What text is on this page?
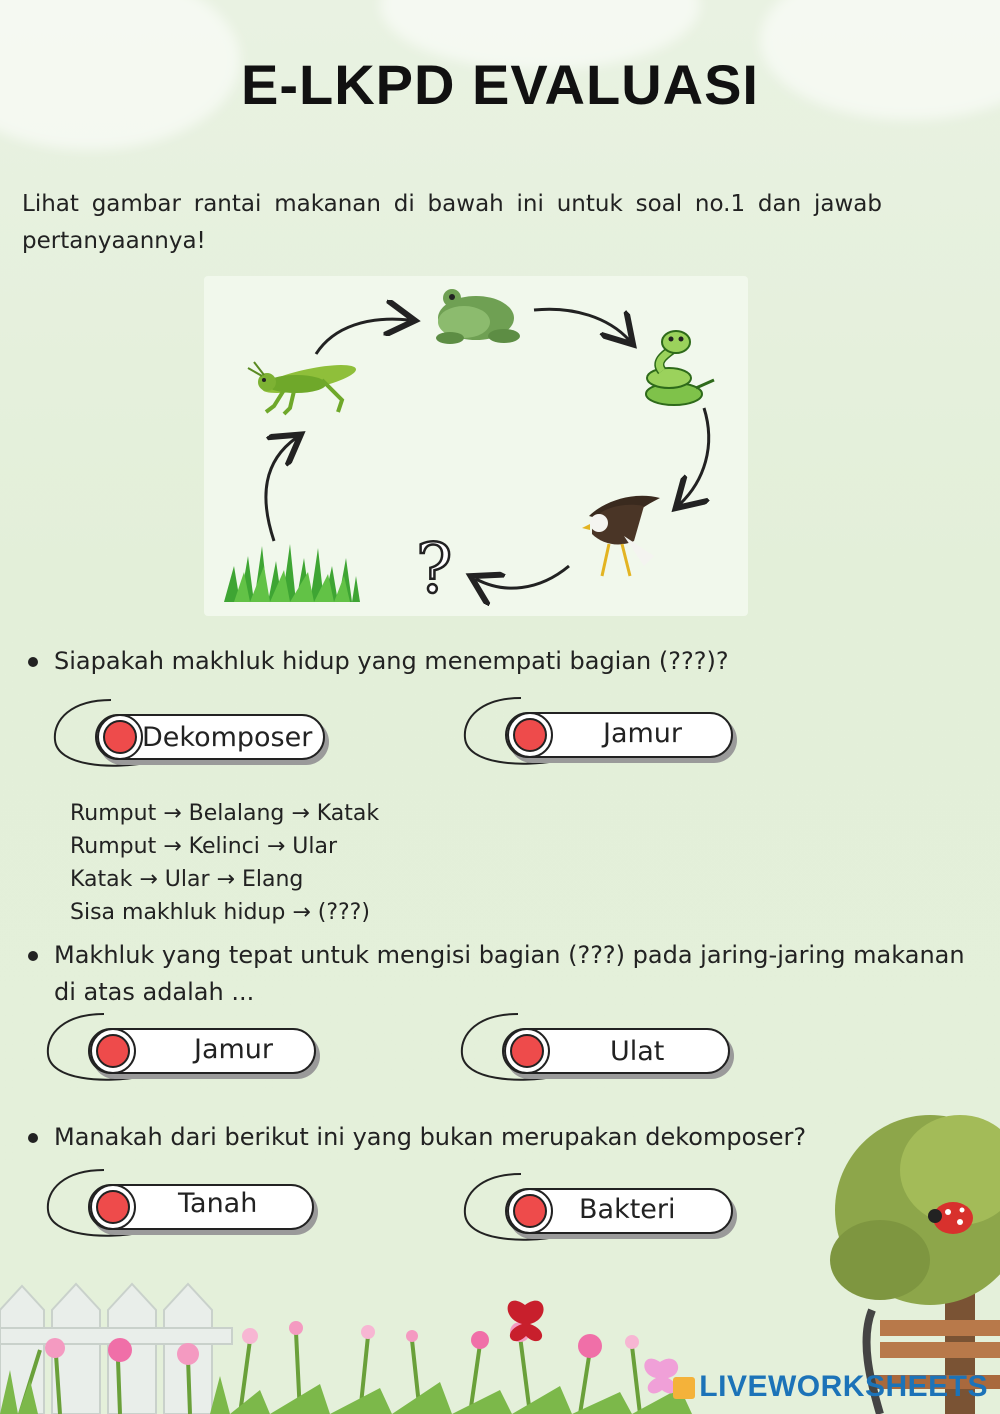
E-LKPD EVALUASI
Lihat gambar rantai makanan di bawah ini untuk soal no.1 dan jawab pertanyaannya!
?
Siapakah makhluk hidup yang menempati bagian (???)?
Dekomposer	Jamur
Rumput → Belalang → Katak
Rumput → Kelinci → Ular
Katak → Ular → Elang
Sisa makhluk hidup → (???)
Makhluk yang tepat untuk mengisi bagian (???) pada jaring-jaring makanan di atas adalah ...
Jamur	Ulat
Manakah dari berikut ini yang bukan merupakan dekomposer?
Tanah	Bakteri
LIVEWORKSHEETS
